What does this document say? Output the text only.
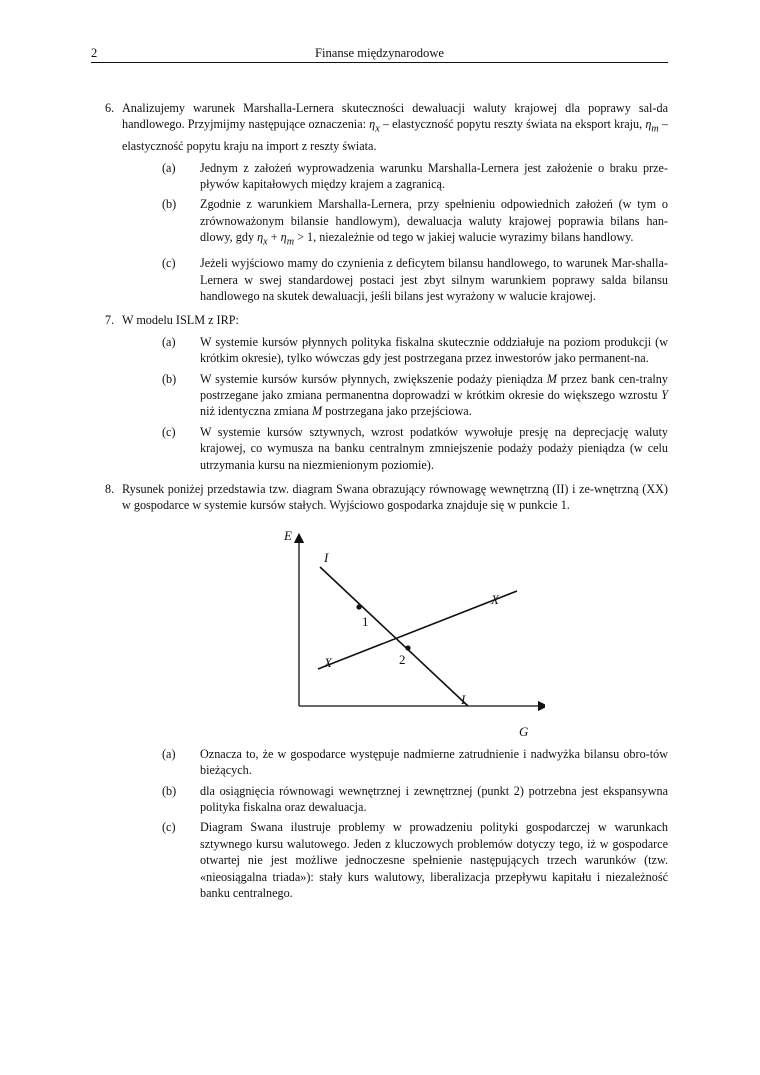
2	Finanse międzynarodowe
6. Analizujemy warunek Marshalla-Lernera skuteczności dewaluacji waluty krajowej dla poprawy sal-da handlowego. Przyjmijmy następujące oznaczenia: $\eta_x$ – elastyczność popytu reszty świata na eksport kraju, $\eta_m$ – elastyczność popytu kraju na import z reszty świata.
(a) Jednym z założeń wyprowadzenia warunku Marshalla-Lernera jest założenie o braku prze-pływów kapitałowych między krajem a zagranicą.
(b) Zgodnie z warunkiem Marshalla-Lernera, przy spełnieniu odpowiednich założeń (w tym o zrównoważonym bilansie handlowym), dewaluacja waluty krajowej poprawia bilans han-dlowy, gdy $\eta_x + \eta_m > 1$, niezależnie od tego w jakiej walucie wyrazimy bilans handlowy.
(c) Jeżeli wyjściowo mamy do czynienia z deficytem bilansu handlowego, to warunek Mar-shalla-Lernera w swej standardowej postaci jest zbyt silnym warunkiem poprawy salda bilansu handlowego na skutek dewaluacji, jeśli bilans jest wyrażony w walucie krajowej.
7. W modelu ISLM z IRP:
(a) W systemie kursów płynnych polityka fiskalna skutecznie oddziałuje na poziom produkcji (w krótkim okresie), tylko wówczas gdy jest postrzegana przez inwestorów jako permanent-na.
(b) W systemie kursów kursów płynnych, zwiększenie podaży pieniądza M przez bank cen-tralny postrzegane jako zmiana permanentna doprowadzi w krótkim okresie do większego wzrostu Y niż identyczna zmiana M postrzegana jako przejściowa.
(c) W systemie kursów sztywnych, wzrost podatków wywołuje presję na deprecjację waluty krajowej, co wymusza na banku centralnym zmniejszenie podaży podaży pieniądza (w celu utrzymania kursu na niezmienionym poziomie).
8. Rysunek poniżej przedstawia tzw. diagram Swana obrazujący równowagę wewnętrzną (II) i ze-wnętrzną (XX) w gospodarce w systemie kursów stałych. Wyjściowo gospodarka znajduje się w punkcie 1.
E
G
I
I
X
X
1
2
(a) Oznacza to, że w gospodarce występuje nadmierne zatrudnienie i nadwyżka bilansu obro-tów bieżących.
(b) dla osiągnięcia równowagi wewnętrznej i zewnętrznej (punkt 2) potrzebna jest ekspansywna polityka fiskalna oraz dewaluacja.
(c) Diagram Swana ilustruje problemy w prowadzeniu polityki gospodarczej w warunkach sztywnego kursu walutowego. Jeden z kluczowych problemów dotyczy tego, iż w gospodarce otwartej nie jest możliwe jednoczesne spełnienie następujących trzech warunków (tzw. «nieosiągalna triada»): stały kurs walutowy, liberalizacja przepływu kapitału i niezależność banku centralnego.
